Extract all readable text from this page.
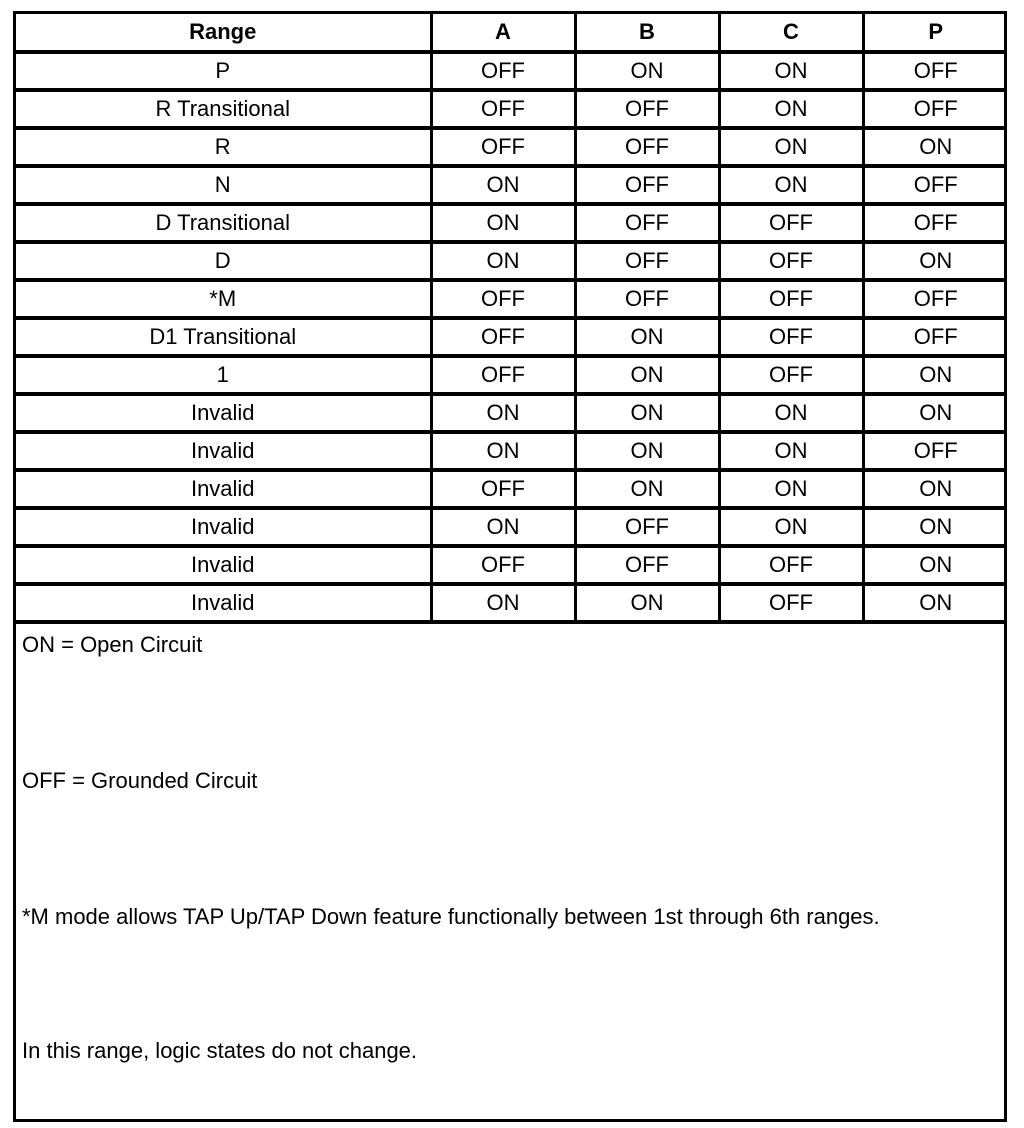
Range	A	B	C	P
P	OFF	ON	ON	OFF
R Transitional	OFF	OFF	ON	OFF
R	OFF	OFF	ON	ON
N	ON	OFF	ON	OFF
D Transitional	ON	OFF	OFF	OFF
D	ON	OFF	OFF	ON
*M	OFF	OFF	OFF	OFF
D1 Transitional	OFF	ON	OFF	OFF
1	OFF	ON	OFF	ON
Invalid	ON	ON	ON	ON
Invalid	ON	ON	ON	OFF
Invalid	OFF	ON	ON	ON
Invalid	ON	OFF	ON	ON
Invalid	OFF	OFF	OFF	ON
Invalid	ON	ON	OFF	ON
ON = Open Circuit
OFF = Grounded Circuit
*M mode allows TAP Up/TAP Down feature functionally between 1st through 6th ranges.
In this range, logic states do not change.
